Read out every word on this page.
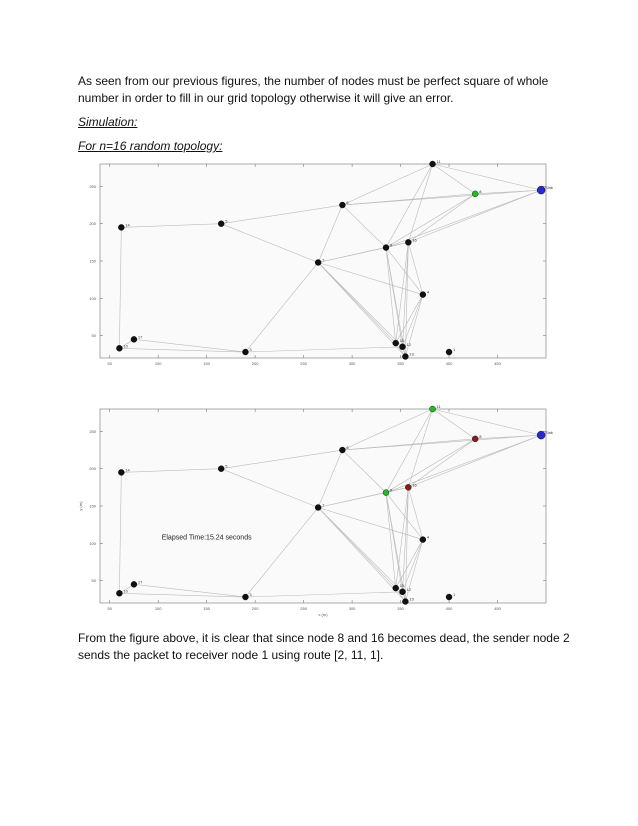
As seen from our previous figures, the number of nodes must be perfect square of whole number in order to fill in our grid topology otherwise it will give an error.

Simulation:

For n=16 random topology:

50	100	150	200	250	300	350	400	450
50
100
150
200
250
1
Sink
3
4
5
6
7
8
9
10
11
12
13
14
15
16
17
50	100	150	200	250	300	350	400	450
50
100
150
200
250
x (m)
y (m)
Elapsed Time:15.24 seconds
1
Sink
3
4
5
6
7
8
9
10
11
12
13
14
15
16
17

From the figure above, it is clear that since node 8 and 16 becomes dead, the sender node 2 sends the packet to receiver node 1 using route [2, 11, 1].
